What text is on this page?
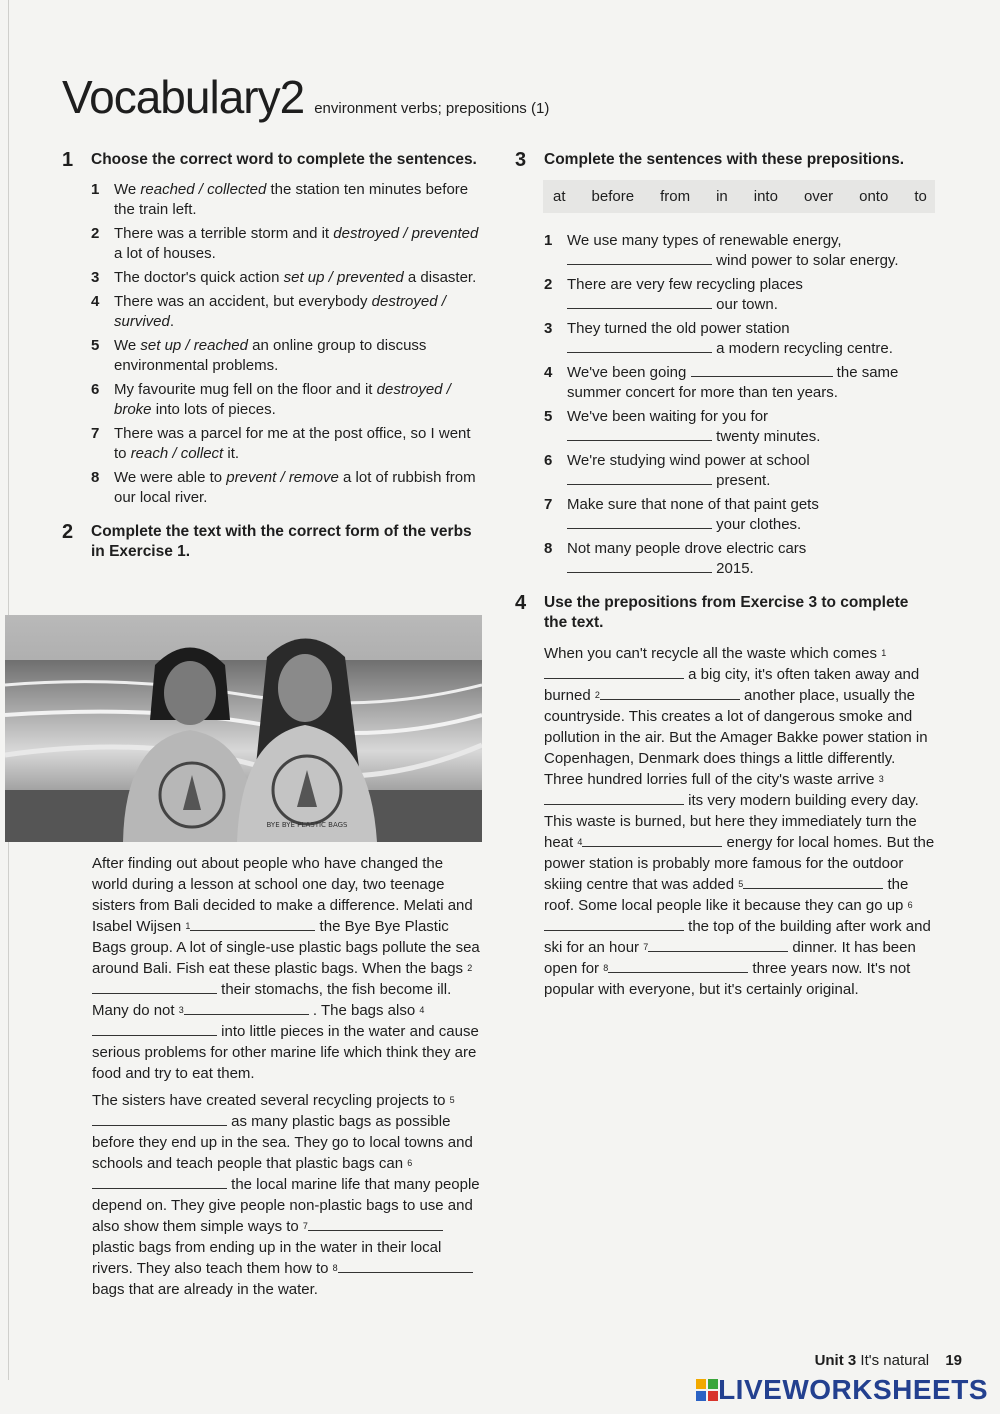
Vocabulary 2 environment verbs; prepositions (1)
1	Choose the correct word to complete the sentences.
1 We reached / collected the station ten minutes before the train left.
2 There was a terrible storm and it destroyed / prevented a lot of houses.
3 The doctor's quick action set up / prevented a disaster.
4 There was an accident, but everybody destroyed / survived.
5 We set up / reached an online group to discuss environmental problems.
6 My favourite mug fell on the floor and it destroyed / broke into lots of pieces.
7 There was a parcel for me at the post office, so I went to reach / collect it.
8 We were able to prevent / remove a lot of rubbish from our local river.
2	Complete the text with the correct form of the verbs in Exercise 1.
BYE BYE PLASTIC BAGS

After finding out about people who have changed the world during a lesson at school one day, two teenage sisters from Bali decided to make a difference. Melati and Isabel Wijsen $^1$	the Bye Bye Plastic Bags group. A lot of single-use plastic bags pollute the sea around Bali. Fish eat these plastic bags. When the bags $^2$ their stomachs, the fish become ill. Many do not $^3$	. The bags also $^4$ into little pieces in the water and cause serious problems for other marine life which think they are food and try to eat them.

The sisters have created several recycling projects to $^5$ as many plastic bags as possible before they end up in the sea. They go to local towns and schools and teach people that plastic bags can $^6$ the local marine life that many people depend on. They give people non-plastic bags to use and also show them simple ways to $^7$ plastic bags from ending up in the water in their local rivers. They also teach them how to $^8$ bags that are already in the water.

3	Complete the sentences with these prepositions.
at before from in into over onto to
1 We use many types of renewable energy,
wind power to solar energy.
2 There are very few recycling places
our town.
3 They turned the old power station
a modern recycling centre.
4 We've been going	the same summer concert for more than ten years.
5 We've been waiting for you for
twenty minutes.
6 We're studying wind power at school
present.
7 Make sure that none of that paint gets
your clothes.
8 Not many people drove electric cars
2015.
4	Use the prepositions from Exercise 3 to complete the text.
When you can't recycle all the waste which comes $^1$ a big city, it's often taken away and burned $^2$	another place, usually the countryside. This creates a lot of dangerous smoke and pollution in the air. But the Amager Bakke power station in Copenhagen, Denmark does things a little differently. Three hundred lorries full of the city's waste arrive $^3$ its very modern building every day. This waste is burned, but here they immediately turn the heat $^4$	energy for local homes. But the power station is probably more famous for the outdoor skiing centre that was added $^5$	the roof. Some local people like it because they can go up $^6$ the top of the building after work and ski for an hour $^7$	dinner. It has been open for $^8$	three years now. It's not popular with everyone, but it's certainly original.
Unit 3 It's natural 19
LIVEWORKSHEETS
